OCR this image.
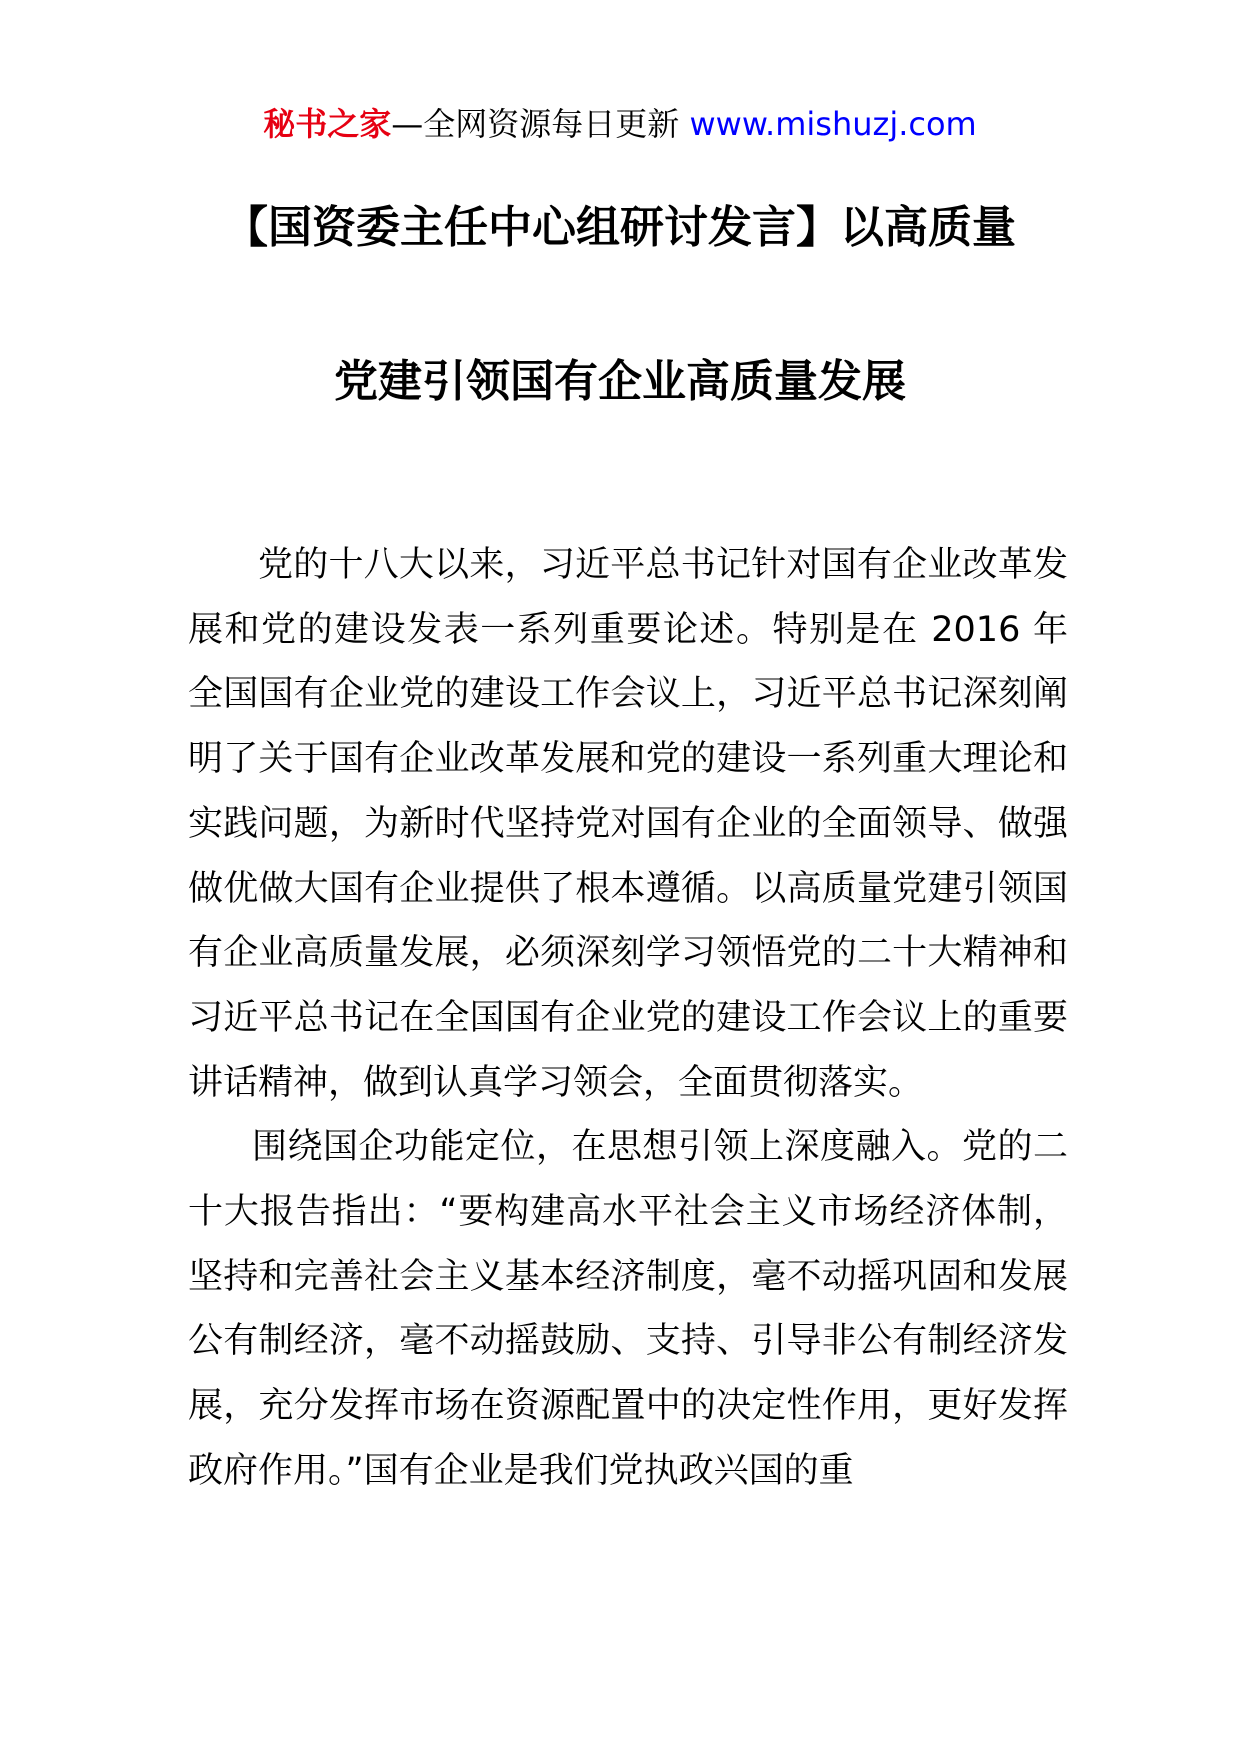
秘书之家—全网资源每日更新 www.mishuzj.com
【国资委主任中心组研讨发言】以高质量
党建引领国有企业高质量发展

党的十八大以来，习近平总书记针对国有企业改革发展和党的建设发表一系列重要论述。特别是在 2016 年全国国有企业党的建设工作会议上，习近平总书记深刻阐明了关于国有企业改革发展和党的建设一系列重大理论和实践问题，为新时代坚持党对国有企业的全面领导、做强做优做大国有企业提供了根本遵循。以高质量党建引领国有企业高质量发展，必须深刻学习领悟党的二十大精神和习近平总书记在全国国有企业党的建设工作会议上的重要讲话精神，做到认真学习领会，全面贯彻落实。

围绕国企功能定位，在思想引领上深度融入。党的二十大报告指出：“要构建高水平社会主义市场经济体制，坚持和完善社会主义基本经济制度，毫不动摇巩固和发展公有制经济，毫不动摇鼓励、支持、引导非公有制经济发展，充分发挥市场在资源配置中的决定性作用，更好发挥政府作用。”国有企业是我们党执政兴国的重
